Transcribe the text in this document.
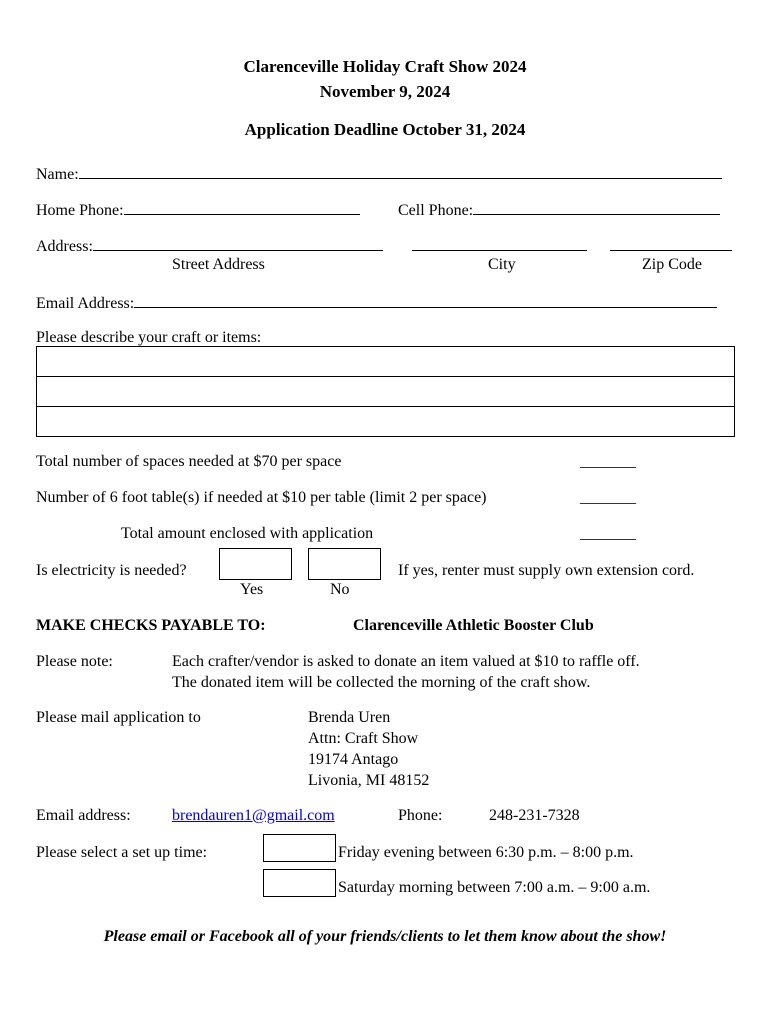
Clarenceville Holiday Craft Show 2024
November 9, 2024
Application Deadline October 31, 2024
Name:
Home Phone:	Cell Phone:
Address:
Street Address	City	Zip Code
Email Address:
Please describe your craft or items:
Total number of spaces needed at $70 per space	_______
Number of 6 foot table(s) if needed at $10 per table (limit 2 per space)	_______
Total amount enclosed with application	_______
Is electricity is needed?
Yes	No
If yes, renter must supply own extension cord.
MAKE CHECKS PAYABLE TO:	Clarenceville Athletic Booster Club
Please note:	Each crafter/vendor is asked to donate an item valued at $10 to raffle off.
The donated item will be collected the morning of the craft show.
Please mail application to	Brenda Uren
Attn: Craft Show
19174 Antago
Livonia, MI 48152
Email address:	brendauren1@gmail.com	Phone:	248-231-7328
Please select a set up time:	Friday evening between 6:30 p.m. – 8:00 p.m.
Saturday morning between 7:00 a.m. – 9:00 a.m.
Please email or Facebook all of your friends/clients to let them know about the show!
